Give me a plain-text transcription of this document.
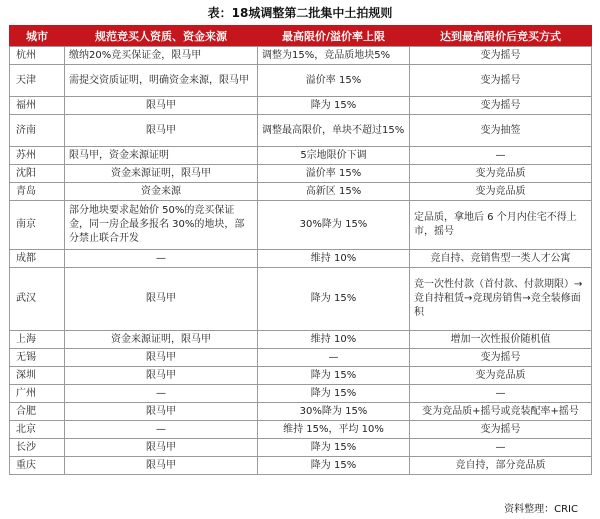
表：18城调整第二批集中土拍规则
城市	规范竞买人资质、资金来源	最高限价/溢价率上限	达到最高限价后竞买方式
杭州	缴纳20%竞买保证金，限马甲	调整为15%，竞品质地块5%	变为摇号
天津	需提交资质证明，明确资金来源，限马甲	溢价率 15%	变为摇号
福州	限马甲	降为 15%	变为摇号
济南	限马甲	调整最高限价，单块不超过15%	变为抽签
苏州	限马甲，资金来源证明	5宗地限价下调	—
沈阳	资金来源证明，限马甲	溢价率 15%	变为竞品质
青岛	资金来源	高新区 15%	变为竞品质
南京	部分地块要求起始价 50%的竞买保证金，同一房企最多报名 30%的地块，部分禁止联合开发	30%降为 15%	定品质，拿地后 6 个月内住宅不得上市，摇号
成都	—	维持 10%	竞自持、竞销售型一类人才公寓
武汉	限马甲	降为 15%	竞一次性付款（首付款、付款期限）→竞自持租赁→竞现房销售→竞全装修面积
上海	资金来源证明，限马甲	维持 10%	增加一次性报价随机值
无锡	限马甲	—	变为摇号
深圳	限马甲	降为 15%	变为竞品质
广州	—	降为 15%	—
合肥	限马甲	30%降为 15%	变为竞品质+摇号或竞装配率+摇号
北京	—	维持 15%，平均 10%	变为摇号
长沙	限马甲	降为 15%	—
重庆	限马甲	降为 15%	竞自持，部分竞品质
资料整理：CRIC
